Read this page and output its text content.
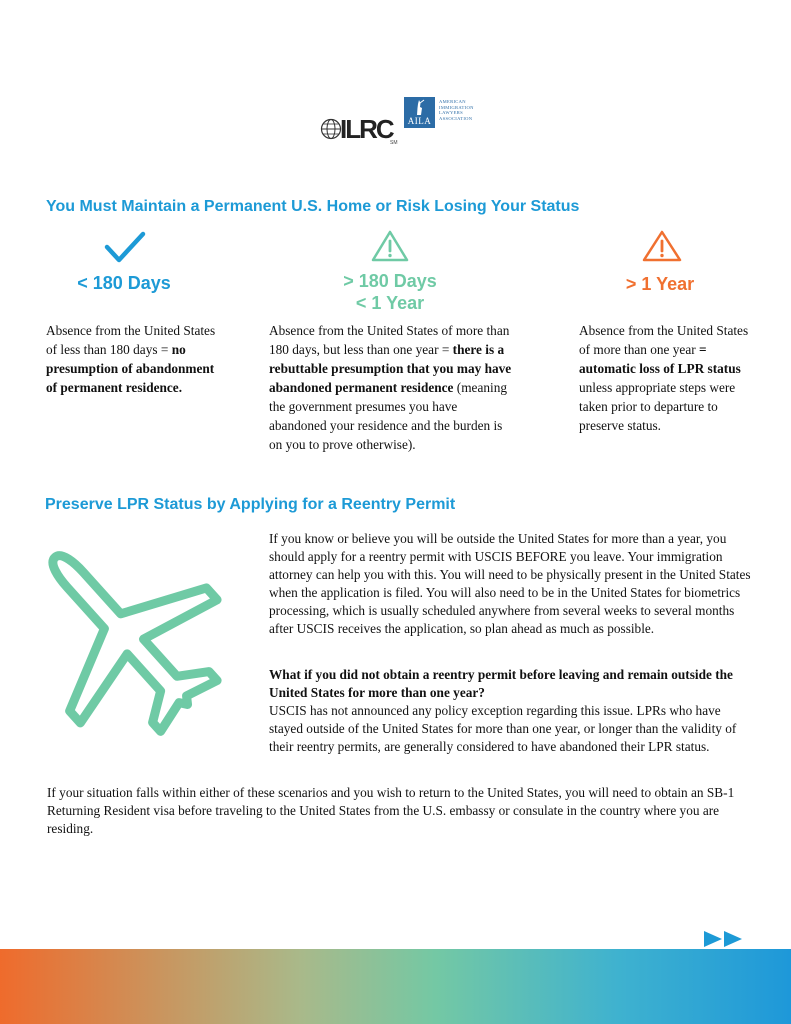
ILRC
SM
AILA
AMERICAN
IMMIGRATION
LAWYERS
ASSOCIATION
You Must Maintain a Permanent U.S. Home or Risk Losing Your Status
< 180 Days
Absence from the United States of less than 180 days = no presumption of abandonment of permanent residence.
> 180 Days
< 1 Year
Absence from the United States of more than 180 days, but less than one year = there is a rebuttable presumption that you may have abandoned permanent residence (meaning the government presumes you have abandoned your residence and the burden is on you to prove otherwise).
> 1 Year
Absence from the United States of more than one year = automatic loss of LPR status unless appropriate steps were taken prior to departure to preserve status.
Preserve LPR Status by Applying for a Reentry Permit

If you know or believe you will be outside the United States for more than a year, you should apply for a reentry permit with USCIS BEFORE you leave. Your immigration attorney can help you with this. You will need to be physically present in the United States when the application is filed. You will also need to be in the United States for biometrics processing, which is usually scheduled anywhere from several weeks to several months after USCIS receives the application, so plan ahead as much as possible.

What if you did not obtain a reentry permit before leaving and remain outside the United States for more than one year?

USCIS has not announced any policy exception regarding this issue. LPRs who have stayed outside of the United States for more than one year, or longer than the validity of their reentry permits, are generally considered to have abandoned their LPR status.

If your situation falls within either of these scenarios and you wish to return to the United States, you will need to obtain an SB-1 Returning Resident visa before traveling to the United States from the U.S. embassy or consulate in the country where you are residing.
